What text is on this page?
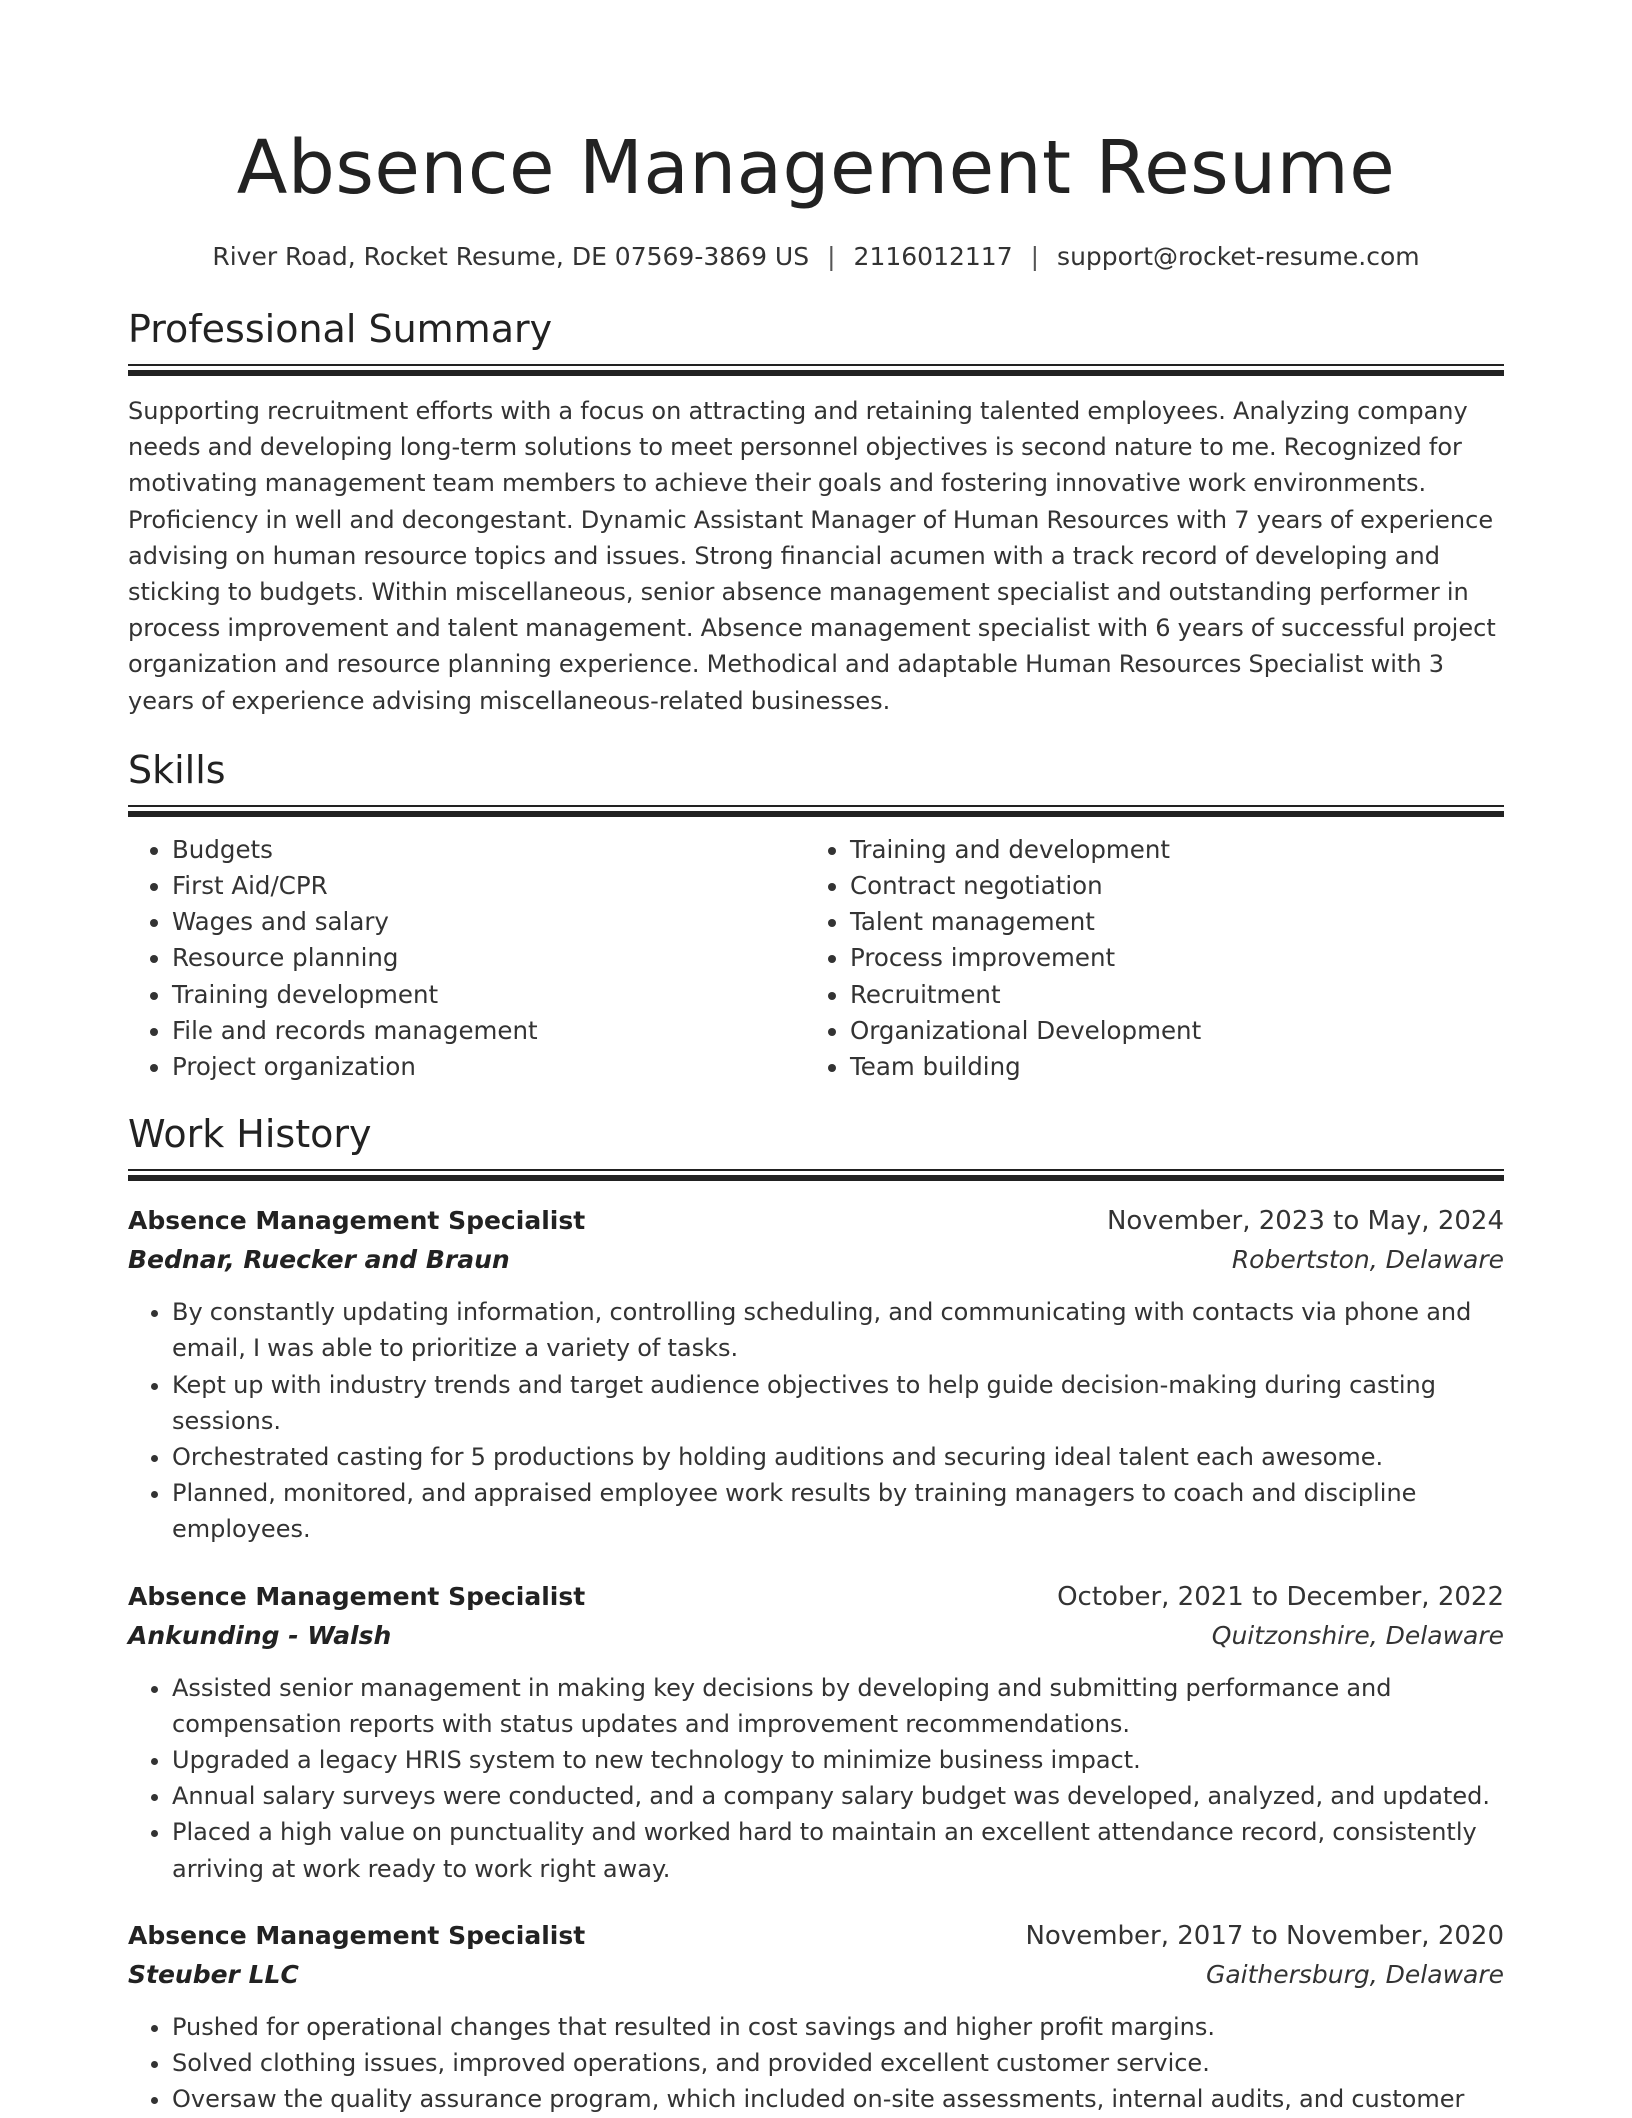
Absence Management Resume
River Road, Rocket Resume, DE 07569-3869 US | 2116012117 | support@rocket-resume.com
Professional Summary

Supporting recruitment efforts with a focus on attracting and retaining talented employees. Analyzing company needs and developing long-term solutions to meet personnel objectives is second nature to me. Recognized for motivating management team members to achieve their goals and fostering innovative work environments. Proficiency in well and decongestant. Dynamic Assistant Manager of Human Resources with 7 years of experience advising on human resource topics and issues. Strong financial acumen with a track record of developing and sticking to budgets. Within miscellaneous, senior absence management specialist and outstanding performer in process improvement and talent management. Absence management specialist with 6 years of successful project organization and resource planning experience. Methodical and adaptable Human Resources Specialist with 3 years of experience advising miscellaneous-related businesses.

Skills
• Budgets
• First Aid/CPR
• Wages and salary
• Resource planning
• Training development
• File and records management
• Project organization
• Training and development
• Contract negotiation
• Talent management
• Process improvement
• Recruitment
• Organizational Development
• Team building
Work History
Absence Management Specialist	November, 2023 to May, 2024
Bednar, Ruecker and Braun	Robertston, Delaware
• By constantly updating information, controlling scheduling, and communicating with contacts via phone and email, I was able to prioritize a variety of tasks.
• Kept up with industry trends and target audience objectives to help guide decision-making during casting sessions.
• Orchestrated casting for 5 productions by holding auditions and securing ideal talent each awesome.
• Planned, monitored, and appraised employee work results by training managers to coach and discipline employees.
Absence Management Specialist	October, 2021 to December, 2022
Ankunding - Walsh	Quitzonshire, Delaware
• Assisted senior management in making key decisions by developing and submitting performance and compensation reports with status updates and improvement recommendations.
• Upgraded a legacy HRIS system to new technology to minimize business impact.
• Annual salary surveys were conducted, and a company salary budget was developed, analyzed, and updated.
• Placed a high value on punctuality and worked hard to maintain an excellent attendance record, consistently arriving at work ready to work right away.
Absence Management Specialist	November, 2017 to November, 2020
Steuber LLC	Gaithersburg, Delaware
• Pushed for operational changes that resulted in cost savings and higher profit margins.
• Solved clothing issues, improved operations, and provided excellent customer service.
• Oversaw the quality assurance program, which included on-site assessments, internal audits, and customer
